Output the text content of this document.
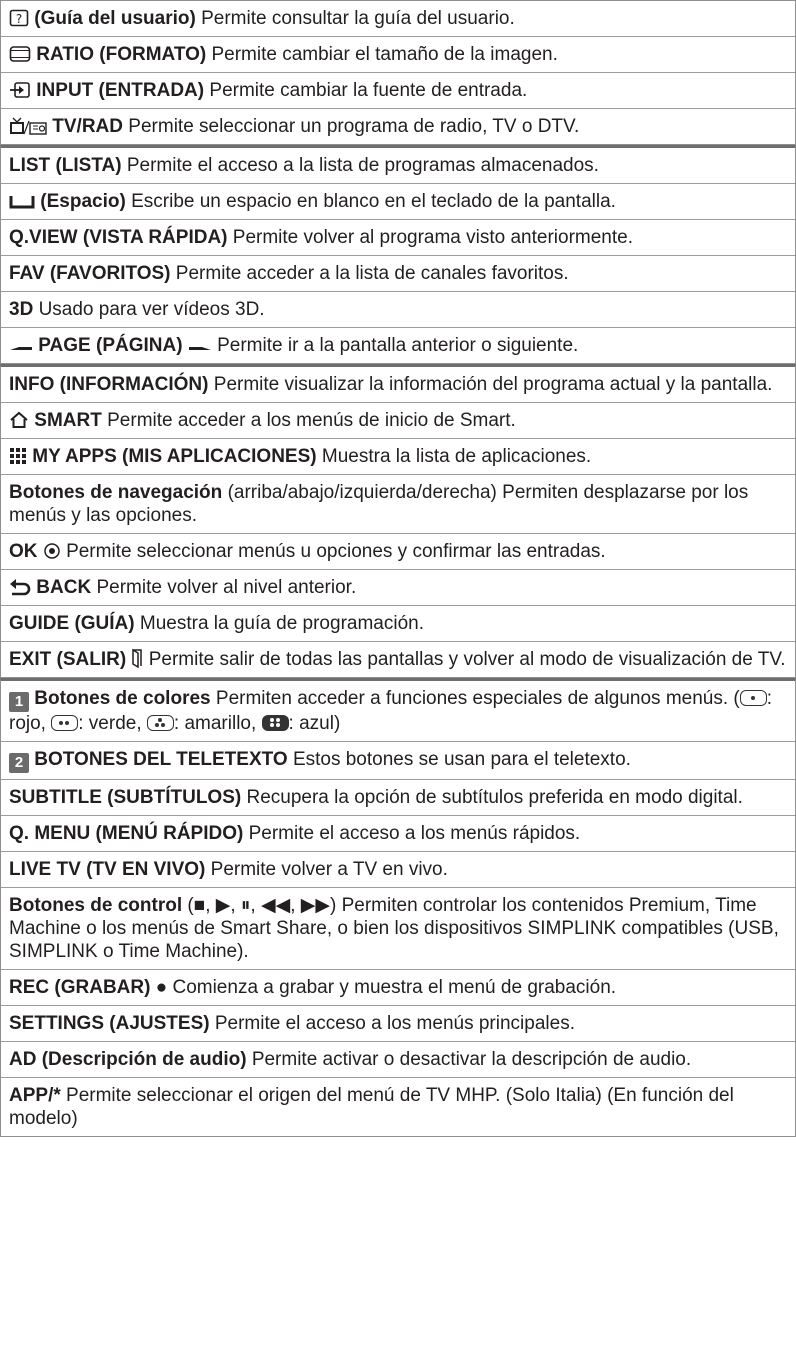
? (Guía del usuario) Permite consultar la guía del usuario.
RATIO (FORMATO) Permite cambiar el tamaño de la imagen.
INPUT (ENTRADA) Permite cambiar la fuente de entrada.
TV/RAD Permite seleccionar un programa de radio, TV o DTV.
LIST (LISTA) Permite el acceso a la lista de programas almacenados.
(Espacio) Escribe un espacio en blanco en el teclado de la pantalla.
Q.VIEW (VISTA RÁPIDA) Permite volver al programa visto anteriormente.
FAV (FAVORITOS) Permite acceder a la lista de canales favoritos.
3D Usado para ver vídeos 3D.
PAGE (PÁGINA) Permite ir a la pantalla anterior o siguiente.
INFO (INFORMACIÓN) Permite visualizar la información del programa actual y la pantalla.
SMART Permite acceder a los menús de inicio de Smart.
MY APPS (MIS APLICACIONES) Muestra la lista de aplicaciones.
Botones de navegación (arriba/abajo/izquierda/derecha) Permiten desplazarse por los menús y las opciones.
OK Permite seleccionar menús u opciones y confirmar las entradas.
BACK Permite volver al nivel anterior.
GUIDE (GUÍA) Muestra la guía de programación.
EXIT (SALIR) Permite salir de todas las pantallas y volver al modo de visualización de TV.
1 Botones de colores Permiten acceder a funciones especiales de algunos menús. ( : rojo,
: verde,
: amarillo,
: azul)
2 BOTONES DEL TELETEXTO Estos botones se usan para el teletexto.
SUBTITLE (SUBTÍTULOS) Recupera la opción de subtítulos preferida en modo digital.
Q. MENU (MENÚ RÁPIDO) Permite el acceso a los menús rápidos.
LIVE TV (TV EN VIVO) Permite volver a TV en vivo.
Botones de control (■, ▶, ⏸, ◀◀, ▶▶) Permiten controlar los contenidos Premium, Time Machine o los menús de Smart Share, o bien los dispositivos SIMPLINK compatibles (USB, SIMPLINK o Time Machine).
REC (GRABAR) ● Comienza a grabar y muestra el menú de grabación.
SETTINGS (AJUSTES) Permite el acceso a los menús principales.
AD (Descripción de audio) Permite activar o desactivar la descripción de audio.
APP/* Permite seleccionar el origen del menú de TV MHP. (Solo Italia) (En función del modelo)
